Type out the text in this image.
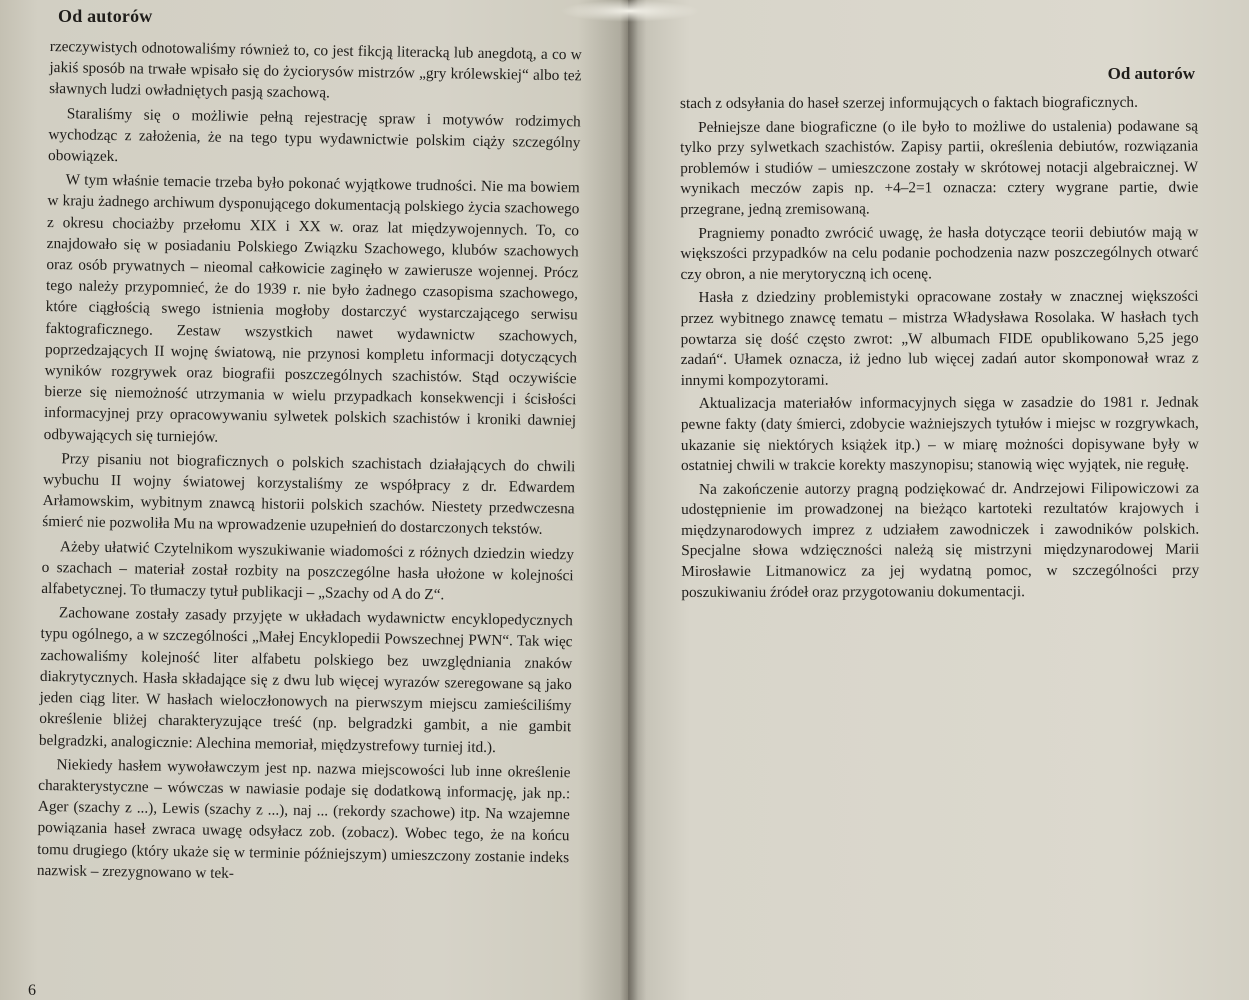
Od autorów

rzeczywistych odnotowaliśmy również to, co jest fikcją literacką lub anegdotą, a co w jakiś sposób na trwałe wpisało się do życiorysów mistrzów „gry królewskiej“ albo też sławnych ludzi owładniętych pasją szachową.

Staraliśmy się o możliwie pełną rejestrację spraw i motywów rodzimych wychodząc z założenia, że na tego typu wydawnictwie polskim ciąży szczególny obowiązek.

W tym właśnie temacie trzeba było pokonać wyjątkowe trudności. Nie ma bowiem w kraju żadnego archiwum dysponującego dokumentacją polskiego życia szachowego z okresu chociażby przełomu XIX i XX w. oraz lat międzywojennych. To, co znajdowało się w posiadaniu Polskiego Związku Szachowego, klubów szachowych oraz osób prywatnych – nieomal całkowicie zaginęło w zawierusze wojennej. Prócz tego należy przypomnieć, że do 1939 r. nie było żadnego czasopisma szachowego, które ciągłością swego istnienia mogłoby dostarczyć wystarczającego serwisu faktograficznego. Zestaw wszystkich nawet wydawnictw szachowych, poprzedzających II wojnę światową, nie przynosi kompletu informacji dotyczących wyników rozgrywek oraz biografii poszczególnych szachistów. Stąd oczywiście bierze się niemożność utrzymania w wielu przypadkach konsekwencji i ścisłości informacyjnej przy opracowywaniu sylwetek polskich szachistów i kroniki dawniej odbywających się turniejów.

Przy pisaniu not biograficznych o polskich szachistach działających do chwili wybuchu II wojny światowej korzystaliśmy ze współpracy z dr. Edwardem Arłamowskim, wybitnym znawcą historii polskich szachów. Niestety przedwczesna śmierć nie pozwoliła Mu na wprowadzenie uzupełnień do dostarczonych tekstów.

Ażeby ułatwić Czytelnikom wyszukiwanie wiadomości z różnych dziedzin wiedzy o szachach – materiał został rozbity na poszczególne hasła ułożone w kolejności alfabetycznej. To tłumaczy tytuł publikacji – „Szachy od A do Z“.

Zachowane zostały zasady przyjęte w układach wydawnictw encyklopedycznych typu ogólnego, a w szczególności „Małej Encyklopedii Powszechnej PWN“. Tak więc zachowaliśmy kolejność liter alfabetu polskiego bez uwzględniania znaków diakrytycznych. Hasła składające się z dwu lub więcej wyrazów szeregowane są jako jeden ciąg liter. W hasłach wieloczłonowych na pierwszym miejscu zamieściliśmy określenie bliżej charakteryzujące treść (np. belgradzki gambit, a nie gambit belgradzki, analogicznie: Alechina memoriał, międzystrefowy turniej itd.).

Niekiedy hasłem wywoławczym jest np. nazwa miejscowości lub inne określenie charakterystyczne – wówczas w nawiasie podaje się dodatkową informację, jak np.: Ager (szachy z ...), Lewis (szachy z ...), naj ... (rekordy szachowe) itp. Na wzajemne powiązania haseł zwraca uwagę odsyłacz zob. (zobacz). Wobec tego, że na końcu tomu drugiego (który ukaże się w terminie późniejszym) umieszczony zostanie indeks nazwisk – zrezygnowano w tek-

6
Od autorów

stach z odsyłania do haseł szerzej informujących o faktach biograficznych.

Pełniejsze dane biograficzne (o ile było to możliwe do ustalenia) podawane są tylko przy sylwetkach szachistów. Zapisy partii, określenia debiutów, rozwiązania problemów i studiów – umieszczone zostały w skrótowej notacji algebraicznej. W wynikach meczów zapis np. +4–2=1 oznacza: cztery wygrane partie, dwie przegrane, jedną zremisowaną.

Pragniemy ponadto zwrócić uwagę, że hasła dotyczące teorii debiutów mają w większości przypadków na celu podanie pochodzenia nazw poszczególnych otwarć czy obron, a nie merytoryczną ich ocenę.

Hasła z dziedziny problemistyki opracowane zostały w znacznej większości przez wybitnego znawcę tematu – mistrza Władysława Rosolaka. W hasłach tych powtarza się dość często zwrot: „W albumach FIDE opublikowano 5,25 jego zadań“. Ułamek oznacza, iż jedno lub więcej zadań autor skomponował wraz z innymi kompozytorami.

Aktualizacja materiałów informacyjnych sięga w zasadzie do 1981 r. Jednak pewne fakty (daty śmierci, zdobycie ważniejszych tytułów i miejsc w rozgrywkach, ukazanie się niektórych książek itp.) – w miarę możności dopisywane były w ostatniej chwili w trakcie korekty maszynopisu; stanowią więc wyjątek, nie regułę.

Na zakończenie autorzy pragną podziękować dr. Andrzejowi Filipowiczowi za udostępnienie im prowadzonej na bieżąco kartoteki rezultatów krajowych i międzynarodowych imprez z udziałem zawodniczek i zawodników polskich. Specjalne słowa wdzięczności należą się mistrzyni międzynarodowej Marii Mirosławie Litmanowicz za jej wydatną pomoc, w szczególności przy poszukiwaniu źródeł oraz przygotowaniu dokumentacji.
